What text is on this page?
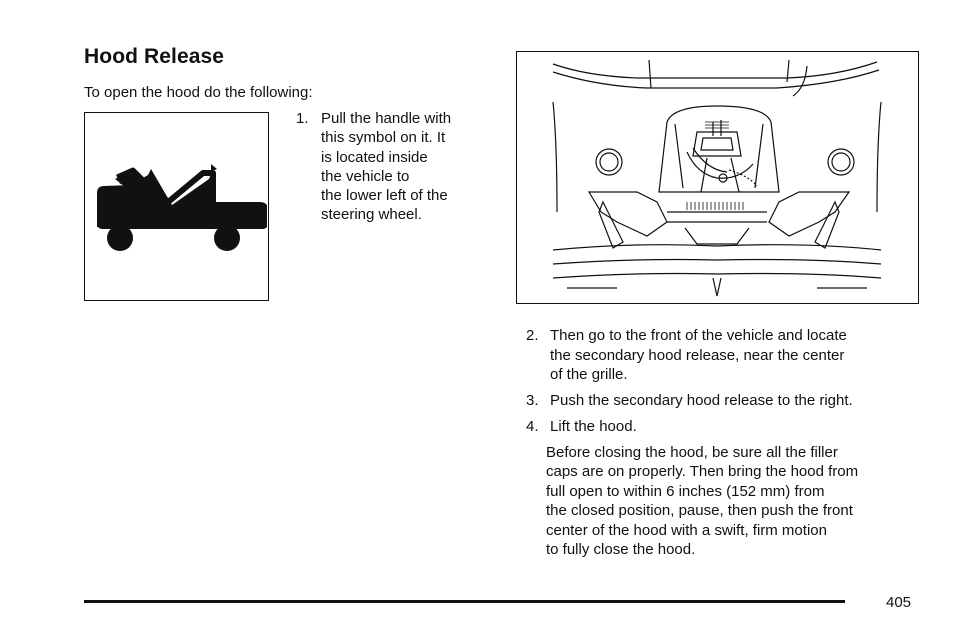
Hood Release
To open the hood do the following:
1. Pull the handle with
this symbol on it. It
is located inside
the vehicle to
the lower left of the
steering wheel.
2. Then go to the front of the vehicle and locate
the secondary hood release, near the center
of the grille.
3. Push the secondary hood release to the right.
4. Lift the hood.
Before closing the hood, be sure all the filler
caps are on properly. Then bring the hood from
full open to within 6 inches (152 mm) from
the closed position, pause, then push the front
center of the hood with a swift, firm motion
to fully close the hood.
405
